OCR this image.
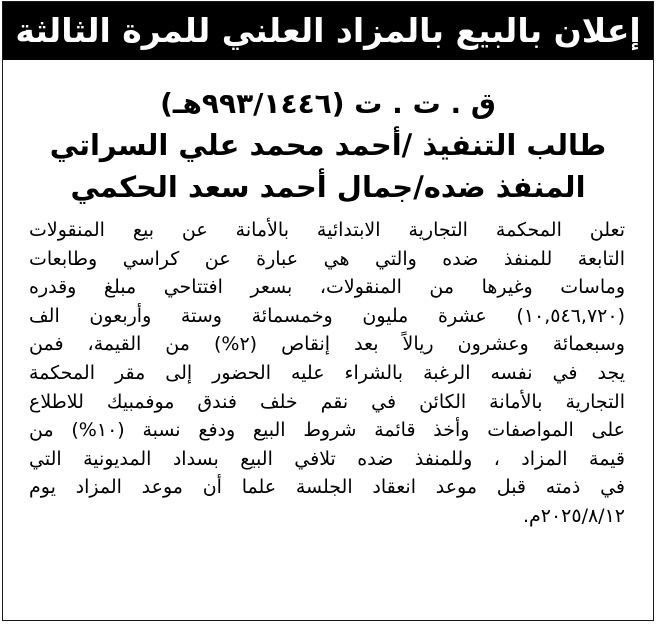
إعلان بالبيع بالمزاد العلني للمرة الثالثة
ق . ت . ت (٩٩٣/١٤٤٦هـ)
طالب التنفيذ /أحمد محمد علي السراتي
المنفذ ضده/جمال أحمد سعد الحكمي
تعلن المحكمة التجارية الابتدائية بالأمانة عن بيع المنقولات
التابعة للمنفذ ضده والتي هي عبارة عن كراسي وطابعات
وماسات وغيرها من المنقولات، بسعر افتتاحي مبلغ وقدره
(١٠,٥٤٦,٧٢٠) عشرة مليون وخمسمائة وستة وأربعون الف
وسبعمائة وعشرون ريالاً بعد إنقاص (٢%) من القيمة، فمن
يجد في نفسه الرغبة بالشراء عليه الحضور إلى مقر المحكمة
التجارية بالأمانة الكائن في نقم خلف فندق موفمبيك للاطلاع
على المواصفات وأخذ قائمة شروط البيع ودفع نسبة (١٠%) من
قيمة المزاد ، وللمنفذ ضده تلافي البيع بسداد المديونية التي
في ذمته قبل موعد انعقاد الجلسة علما أن موعد المزاد يوم
٢٠٢٥/٨/١٢م.
